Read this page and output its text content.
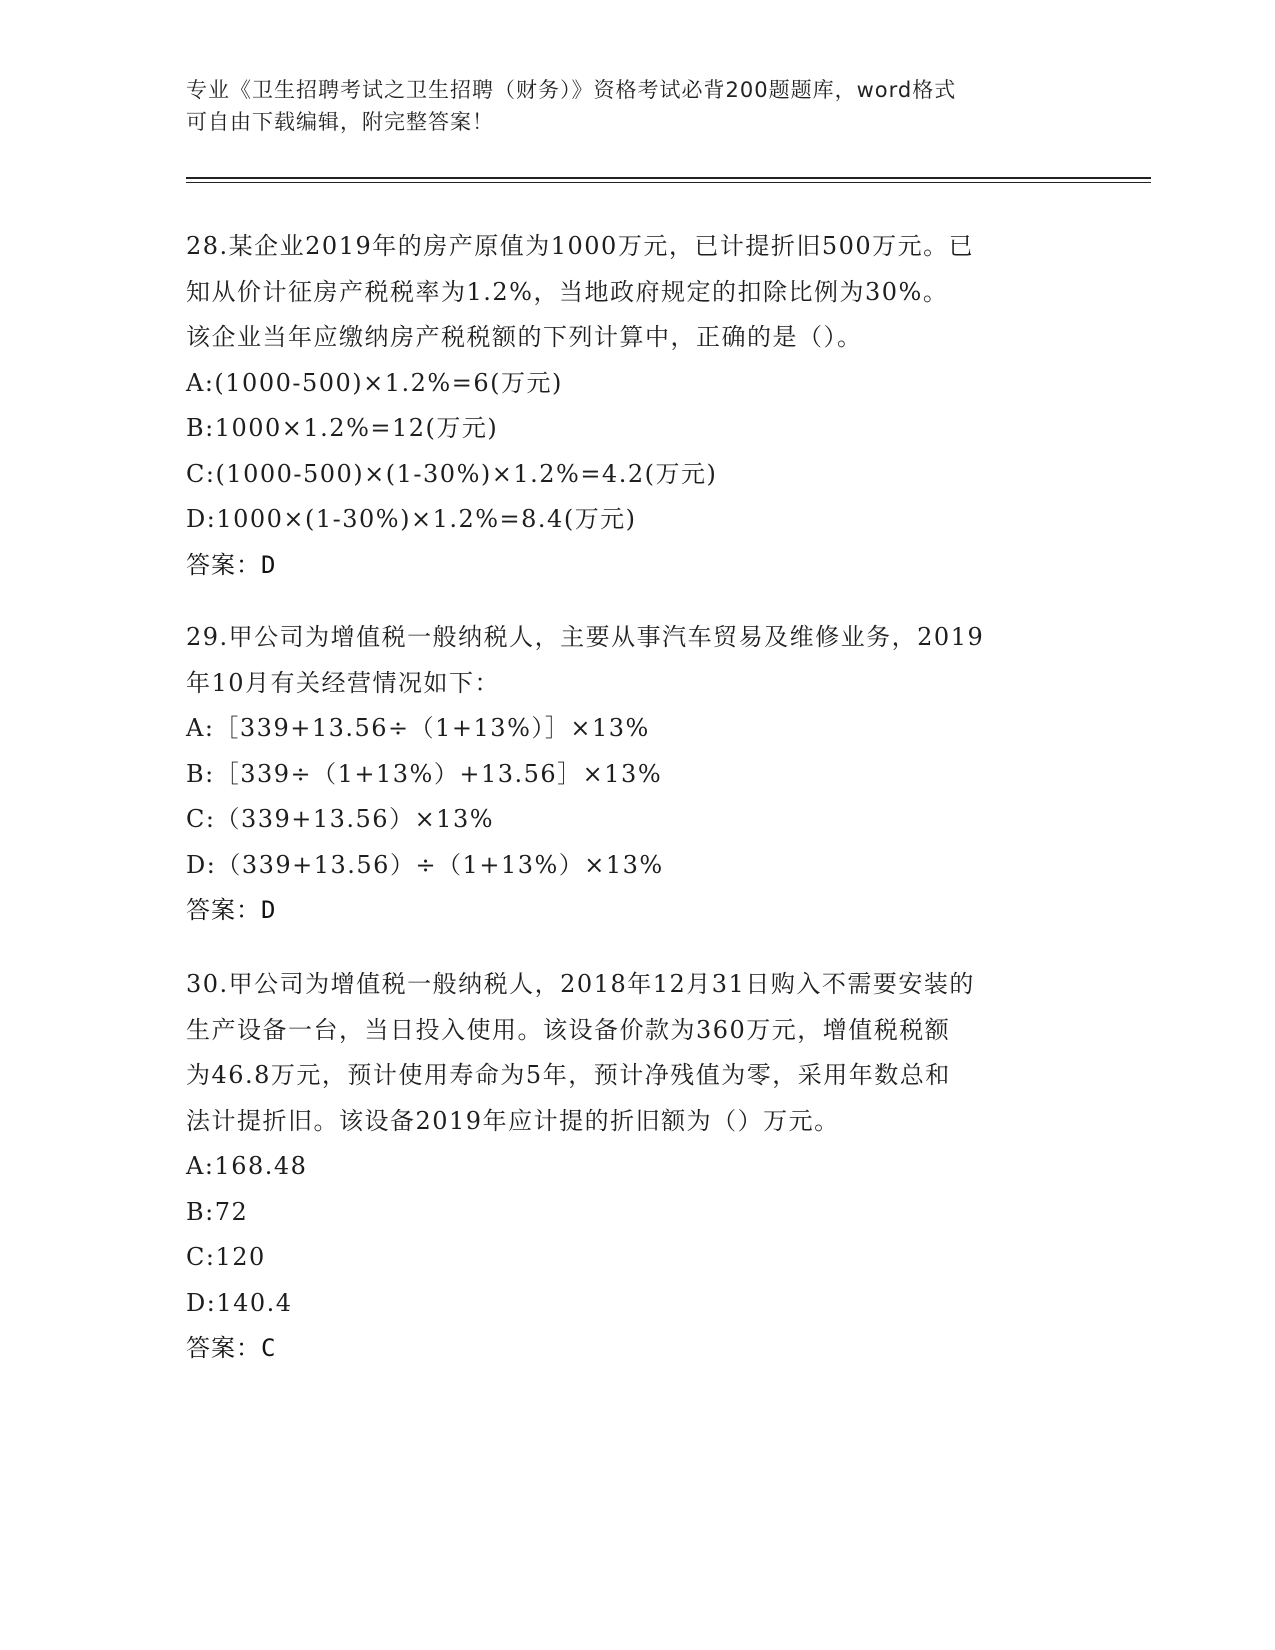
专业《卫生招聘考试之卫生招聘（财务）》资格考试必背200题题库，word格式
可自由下载编辑，附完整答案！
28.某企业2019年的房产原值为1000万元，已计提折旧500万元。已
知从价计征房产税税率为1.2%，当地政府规定的扣除比例为30%。
该企业当年应缴纳房产税税额的下列计算中，正确的是（）。
A:(1000-500)×1.2%=6(万元)
B:1000×1.2%=12(万元)
C:(1000-500)×(1-30%)×1.2%=4.2(万元)
D:1000×(1-30%)×1.2%=8.4(万元)
答案：D
29.甲公司为增值税一般纳税人，主要从事汽车贸易及维修业务，2019
年10月有关经营情况如下：
A:［339+13.56÷（1+13%）］×13%
B:［339÷（1+13%）+13.56］×13%
C:（339+13.56）×13%
D:（339+13.56）÷（1+13%）×13%
答案：D
30.甲公司为增值税一般纳税人，2018年12月31日购入不需要安装的
生产设备一台，当日投入使用。该设备价款为360万元，增值税税额
为46.8万元，预计使用寿命为5年，预计净残值为零，采用年数总和
法计提折旧。该设备2019年应计提的折旧额为（）万元。
A:168.48
B:72
C:120
D:140.4
答案：C
